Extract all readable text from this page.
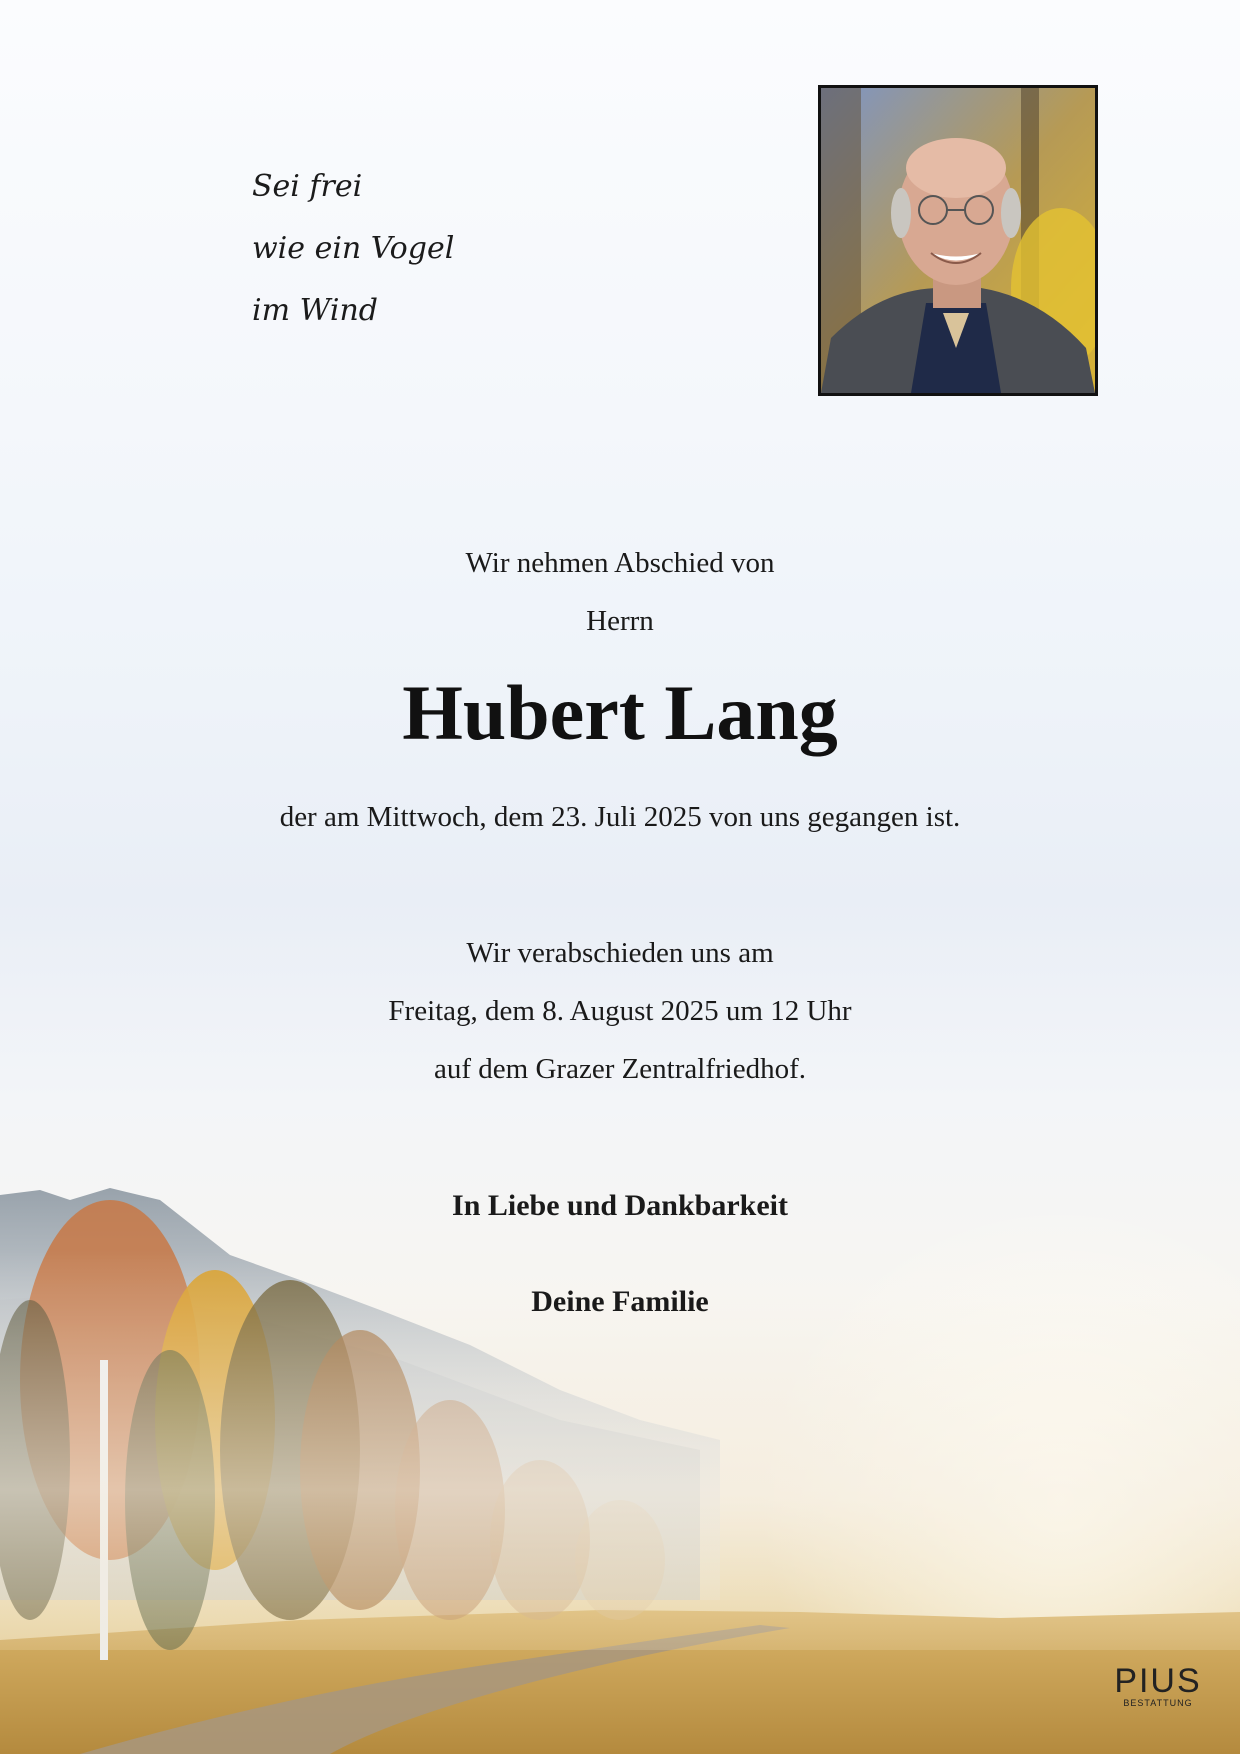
Sei frei
wie ein Vogel
im Wind
Wir nehmen Abschied von
Herrn
Hubert Lang
der am Mittwoch, dem 23. Juli 2025 von uns gegangen ist.
Wir verabschieden uns am
Freitag, dem 8. August 2025 um 12 Uhr
auf dem Grazer Zentralfriedhof.
In Liebe und Dankbarkeit
Deine Familie
PIUS
BESTATTUNG
